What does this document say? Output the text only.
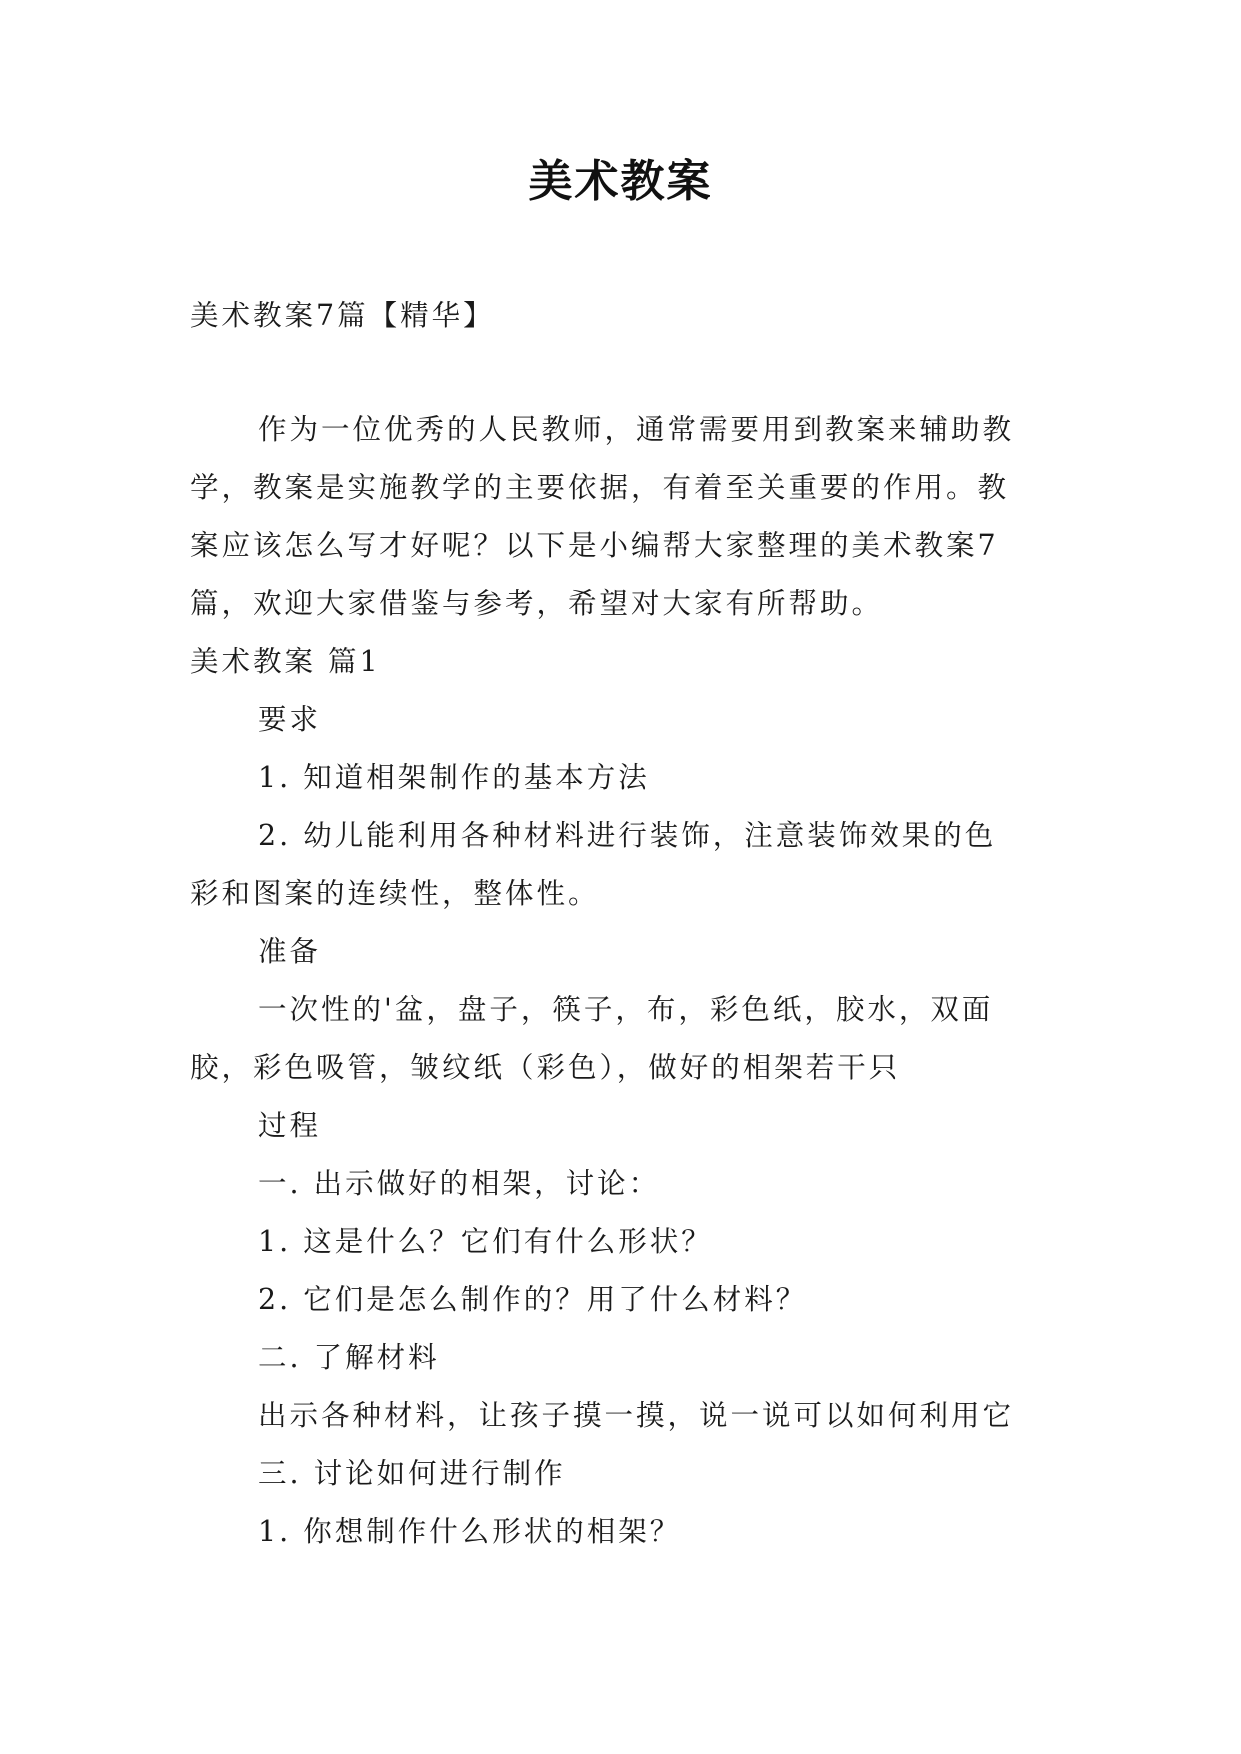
美术教案
美术教案7篇【精华】
作为一位优秀的人民教师，通常需要用到教案来辅助教
学，教案是实施教学的主要依据，有着至关重要的作用。教
案应该怎么写才好呢？以下是小编帮大家整理的美术教案7
篇，欢迎大家借鉴与参考，希望对大家有所帮助。
美术教案 篇1
要求
1. 知道相架制作的基本方法
2. 幼儿能利用各种材料进行装饰，注意装饰效果的色
彩和图案的连续性，整体性。
准备
一次性的'盆，盘子，筷子，布，彩色纸，胶水，双面
胶，彩色吸管，皱纹纸（彩色），做好的相架若干只
过程
一. 出示做好的相架，讨论：
1. 这是什么？它们有什么形状？
2. 它们是怎么制作的？用了什么材料？
二. 了解材料
出示各种材料，让孩子摸一摸，说一说可以如何利用它
三. 讨论如何进行制作
1. 你想制作什么形状的相架？
